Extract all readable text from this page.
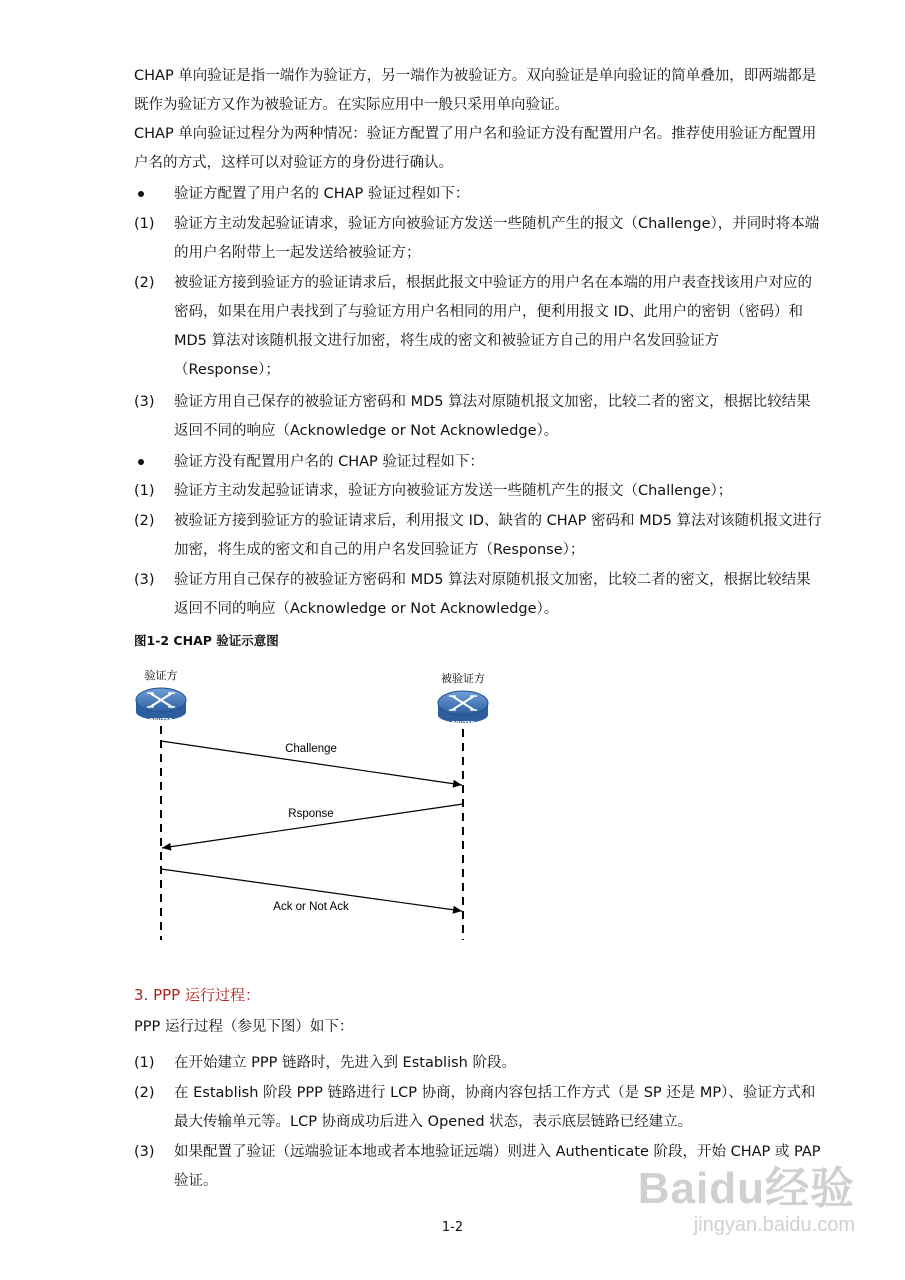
CHAP 单向验证是指一端作为验证方，另一端作为被验证方。双向验证是单向验证的简单叠加，即两端都是既作为验证方又作为被验证方。在实际应用中一般只采用单向验证。

CHAP 单向验证过程分为两种情况：验证方配置了用户名和验证方没有配置用户名。推荐使用验证方配置用户名的方式，这样可以对验证方的身份进行确认。

验证方配置了用户名的 CHAP 验证过程如下：
(1) 验证方主动发起验证请求，验证方向被验证方发送一些随机产生的报文（Challenge），并同时将本端的用户名附带上一起发送给被验证方；
(2) 被验证方接到验证方的验证请求后，根据此报文中验证方的用户名在本端的用户表查找该用户对应的密码，如果在用户表找到了与验证方用户名相同的用户，便利用报文 ID、此用户的密钥（密码）和 MD5 算法对该随机报文进行加密，将生成的密文和被验证方自己的用户名发回验证方（Response）；
(3) 验证方用自己保存的被验证方密码和 MD5 算法对原随机报文加密，比较二者的密文，根据比较结果返回不同的响应（Acknowledge or Not Acknowledge）。
验证方没有配置用户名的 CHAP 验证过程如下：
(1) 验证方主动发起验证请求，验证方向被验证方发送一些随机产生的报文（Challenge）；
(2) 被验证方接到验证方的验证请求后，利用报文 ID、缺省的 CHAP 密码和 MD5 算法对该随机报文进行加密，将生成的密文和自己的用户名发回验证方（Response）；
(3) 验证方用自己保存的被验证方密码和 MD5 算法对原随机报文加密，比较二者的密文，根据比较结果返回不同的响应（Acknowledge or Not Acknowledge）。
图1-2 CHAP 验证示意图
验证方	被验证方
ROUTER	ROUTER
Challenge
Rsponse
Ack or Not Ack
3. PPP 运行过程：

PPP 运行过程（参见下图）如下：

(1) 在开始建立 PPP 链路时，先进入到 Establish 阶段。
(2) 在 Establish 阶段 PPP 链路进行 LCP 协商，协商内容包括工作方式（是 SP 还是 MP）、验证方式和最大传输单元等。LCP 协商成功后进入 Opened 状态，表示底层链路已经建立。
(3) 如果配置了验证（远端验证本地或者本地验证远端）则进入 Authenticate 阶段，开始 CHAP 或 PAP 验证。	Baidu经验
jingyan.baidu.com
1-2
